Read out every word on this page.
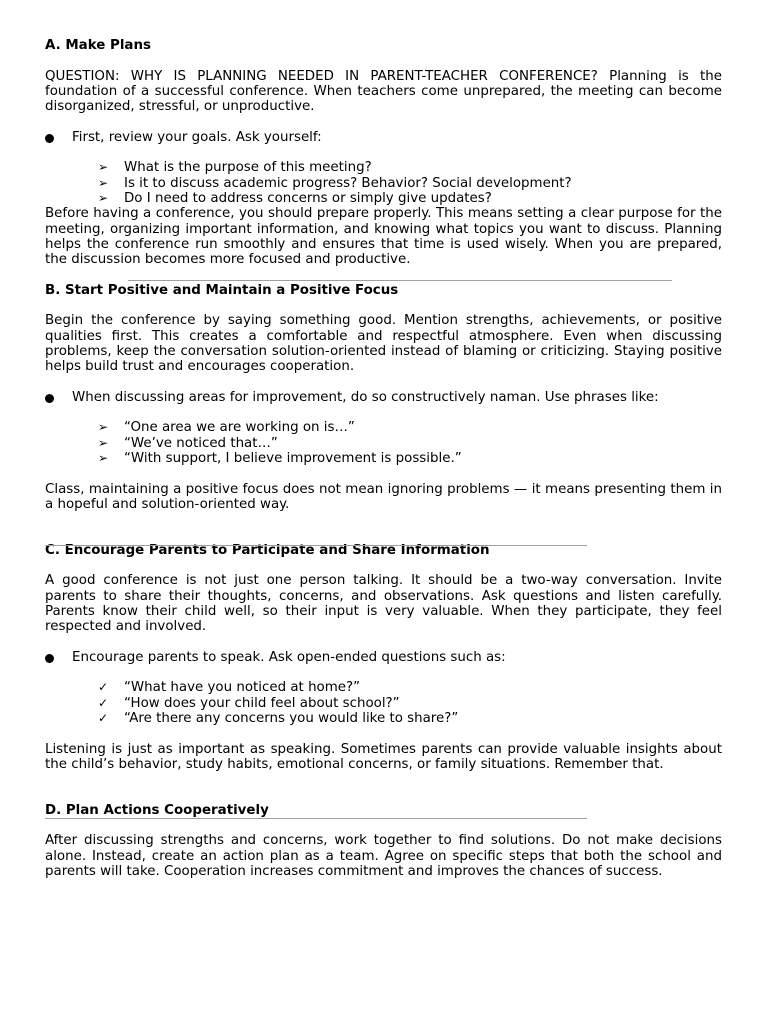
A. Make Plans

QUESTION: WHY IS PLANNING NEEDED IN PARENT-TEACHER CONFERENCE? Planning is the foundation of a successful conference. When teachers come unprepared, the meeting can become disorganized, stressful, or unproductive.

First, review your goals. Ask yourself:
➢ What is the purpose of this meeting?
➢ Is it to discuss academic progress? Behavior? Social development?
➢ Do I need to address concerns or simply give updates?

Before having a conference, you should prepare properly. This means setting a clear purpose for the meeting, organizing important information, and knowing what topics you want to discuss. Planning helps the conference run smoothly and ensures that time is used wisely. When you are prepared, the discussion becomes more focused and productive.

B. Start Positive and Maintain a Positive Focus

Begin the conference by saying something good. Mention strengths, achievements, or positive qualities first. This creates a comfortable and respectful atmosphere. Even when discussing problems, keep the conversation solution-oriented instead of blaming or criticizing. Staying positive helps build trust and encourages cooperation.

When discussing areas for improvement, do so constructively naman. Use phrases like:
➢ “One area we are working on is…”
➢ “We’ve noticed that…”
➢ “With support, I believe improvement is possible.”

Class, maintaining a positive focus does not mean ignoring problems — it means presenting them in a hopeful and solution-oriented way.

C. Encourage Parents to Participate and Share Information

A good conference is not just one person talking. It should be a two-way conversation. Invite parents to share their thoughts, concerns, and observations. Ask questions and listen carefully. Parents know their child well, so their input is very valuable. When they participate, they feel respected and involved.

Encourage parents to speak. Ask open-ended questions such as:
✓ “What have you noticed at home?”
✓ “How does your child feel about school?”
✓ “Are there any concerns you would like to share?”

Listening is just as important as speaking. Sometimes parents can provide valuable insights about the child’s behavior, study habits, emotional concerns, or family situations. Remember that.

D. Plan Actions Cooperatively

After discussing strengths and concerns, work together to find solutions. Do not make decisions alone. Instead, create an action plan as a team. Agree on specific steps that both the school and parents will take. Cooperation increases commitment and improves the chances of success.
